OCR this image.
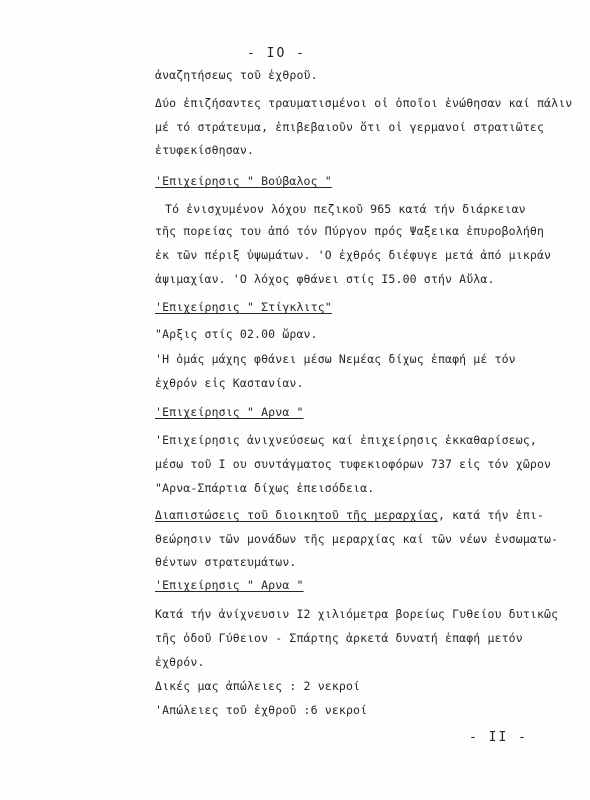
- IO -
ἀναζητήσεως τοῦ ἐχθροῦ.
Δύο ἐπιζήσαντες τραυματισμένοι οἱ ὁποῖοι ἑνώθησαν καί πάλιν
μέ τό στράτευμα, ἐπιβεβαιοῦν ὅτι οἱ γερμανοί στρατιῶτες
ἐτυφεκίσθησαν.
'Επιχείρησις " Βούβαλος "
Τό ἐνισχυμένον λόχου πεζικοῦ 965 κατά τήν διάρκειαν
τῆς πορείας του ἀπό τόν Πύργον πρός Ψαξεικα ἐπυροβολήθη
ἐκ τῶν πέριξ ὑψωμάτων. 'Ο ἐχθρός διέφυγε μετά ἀπό μικράν
ἀψιμαχίαν. 'Ο λόχος φθάνει στίς I5.00 στήν Αὔλα.
'Επιχείρησις " Στίγκλιτς"
"Αρξις στίς 02.00 ὥραν.
'Η ὁμάς μάχης φθάνει μέσω Νεμέας δίχως ἐπαφή μέ τόν
ἐχθρόν εἰς Καστανίαν.
'Επιχείρησις " Αρνα "
'Επιχείρησις ἀνιχνεύσεως καί ἐπιχείρησις ἐκκαθαρίσεως,
μέσω τοῦ I ου συντάγματος τυφεκιοφόρων 737 εἰς τόν χῶρον
"Αρνα-Σπάρτια δίχως ἐπεισόδεια.
Διαπιστώσεις τοῦ διοικητοῦ τῆς μεραρχίας, κατά τήν ἐπι-
θεώρησιν τῶν μονάδων τῆς μεραρχίας καί τῶν νέων ἐνσωματω-
θέντων στρατευμάτων.
'Επιχείρησις " Αρνα "
Κατά τήν ἀνίχνευσιν I2 χιλιόμετρα βορείως Γυθείου δυτικῶς
τῆς ὁδοῦ Γύθειον - Σπάρτης ἀρκετά δυνατή ἐπαφή μετόν
ἐχθρόν.
Δικές μας ἀπώλειες : 2 νεκροί
'Απώλειες τοῦ ἐχθροῦ :6 νεκροί
- II -
